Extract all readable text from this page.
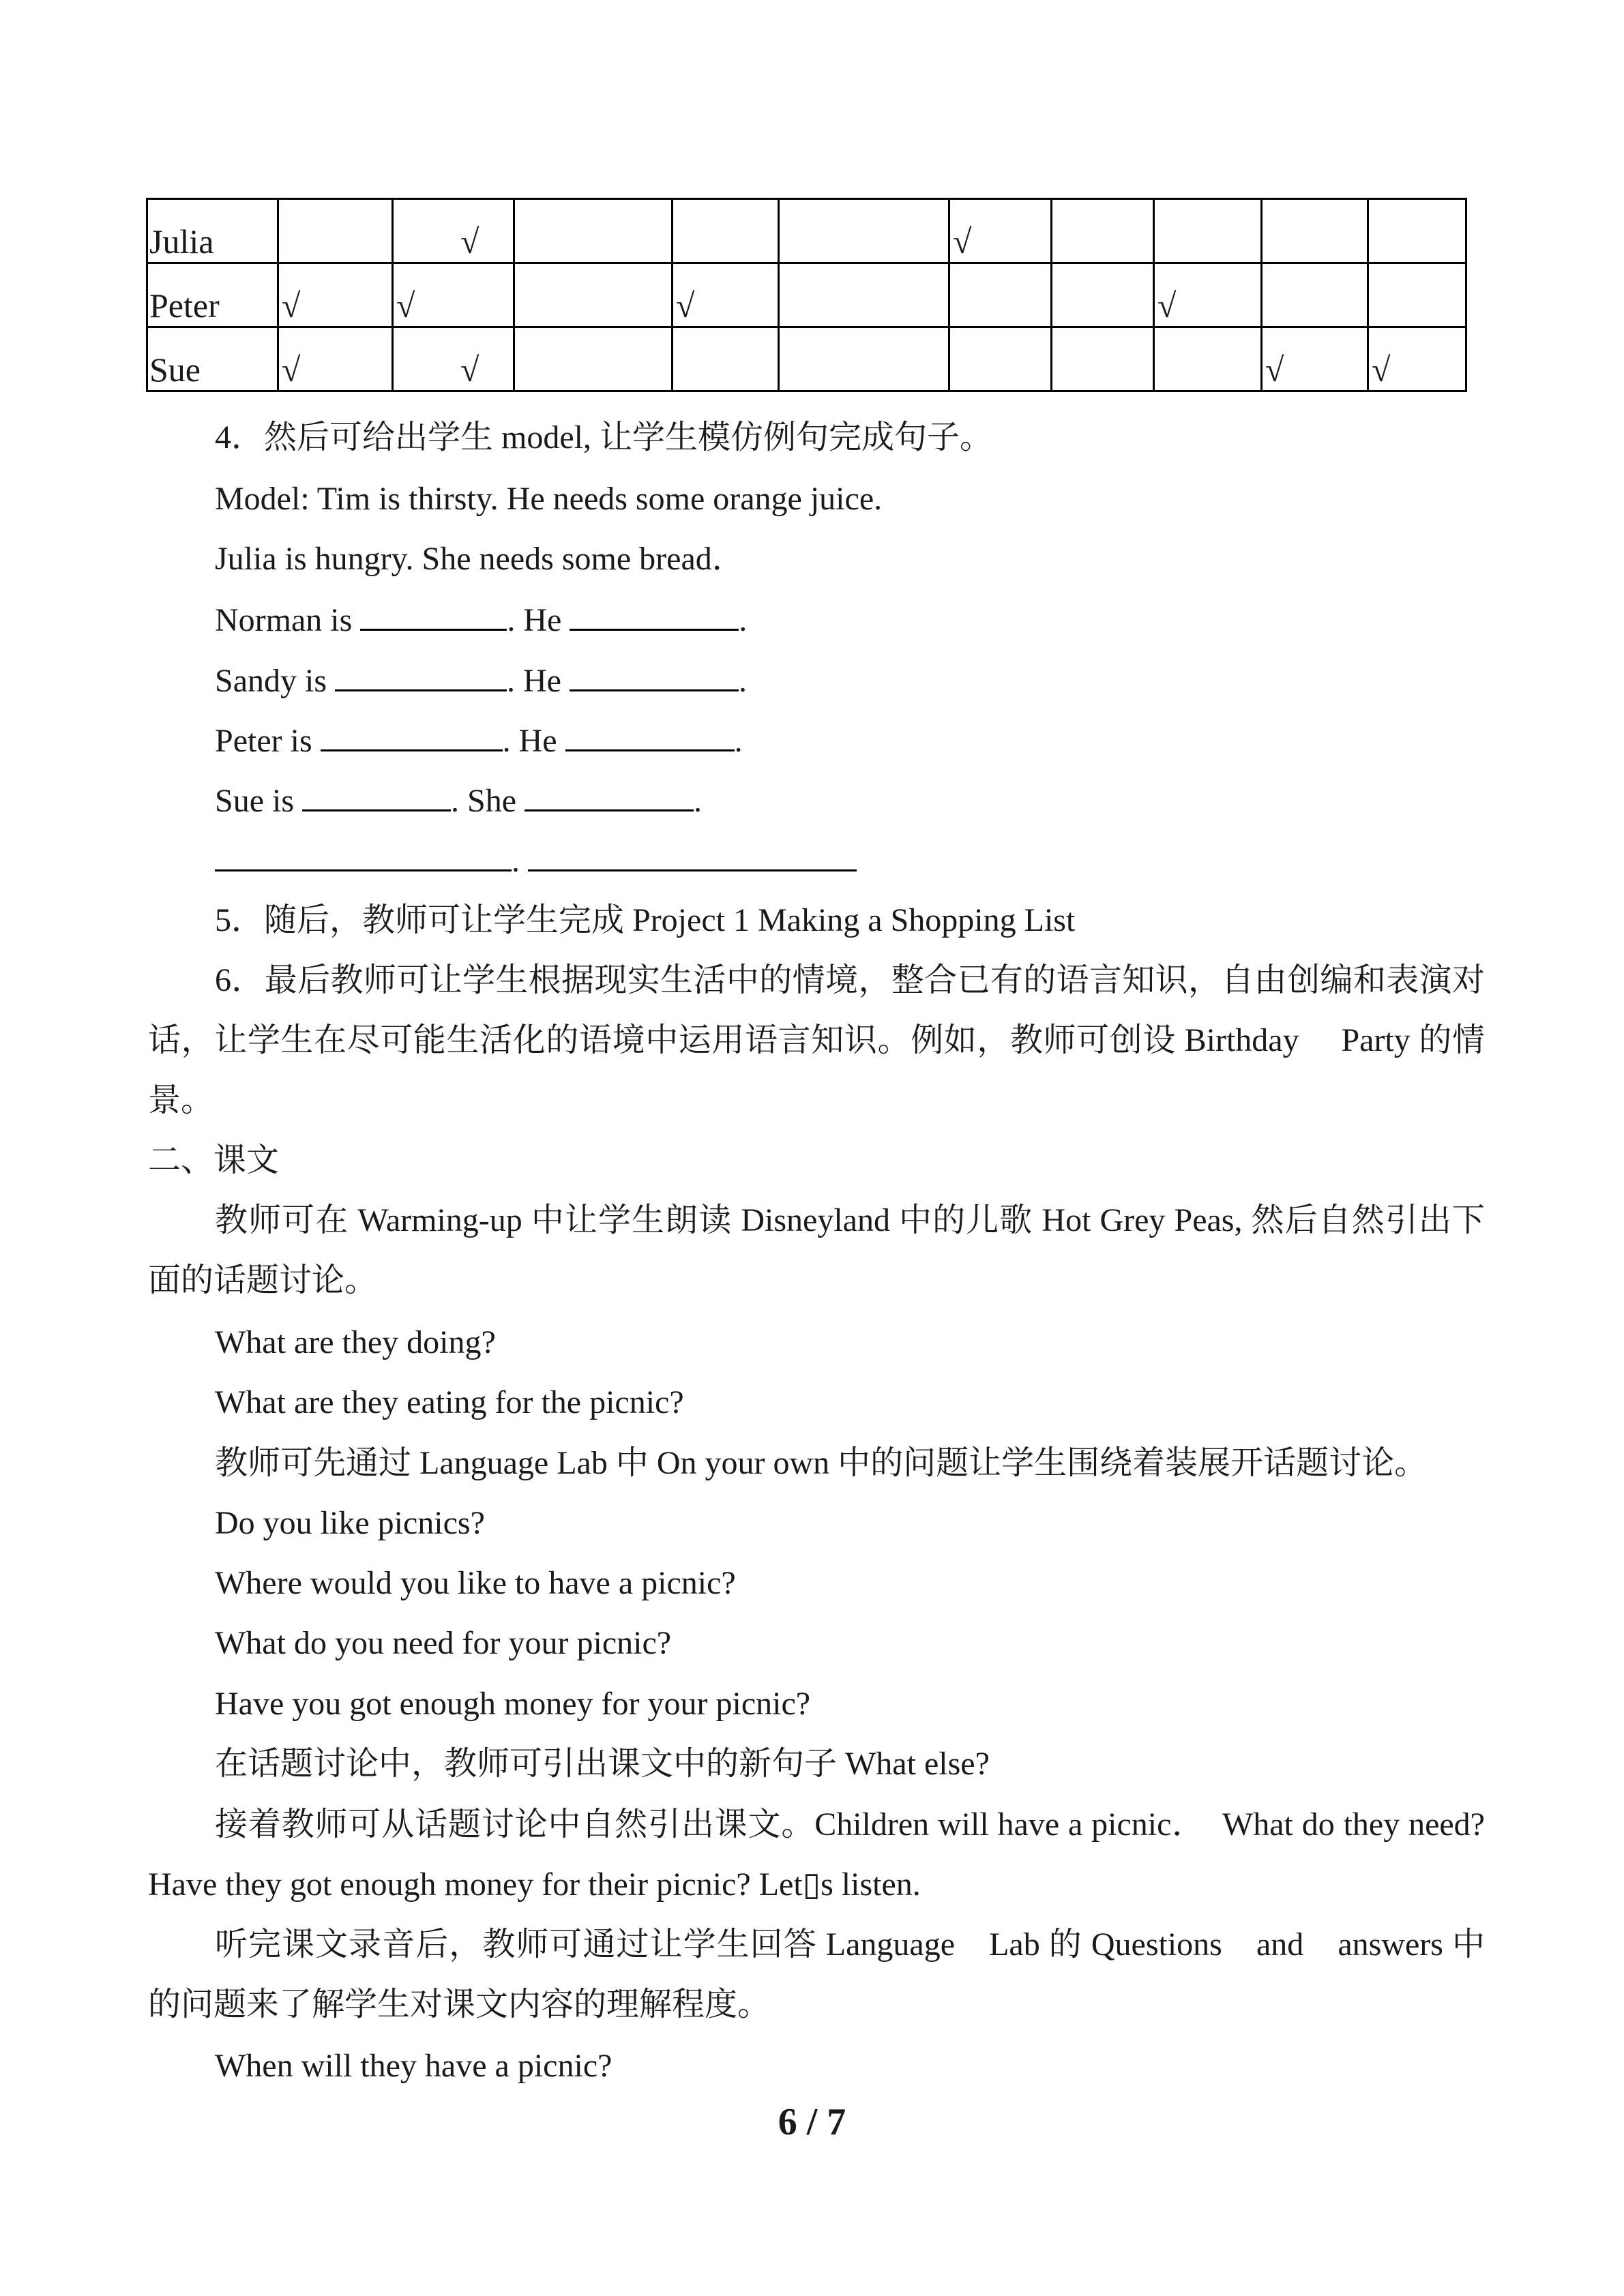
Julia		√				√				
Peter	√	√		√				√		
Sue	√	√							√	√
4．然后可给出学生 model, 让学生模仿例句完成句子。
Model: Tim is thirsty. He needs some orange juice.
Julia is hungry. She needs some bread．
Norman is	. He	.
Sandy is	. He	.
Peter is	. He	.
Sue is	. She	.
.
5．随后，教师可让学生完成 Project 1 Making a Shopping List
6．最后教师可让学生根据现实生活中的情境，整合已有的语言知识，自由创编和表演对话，让学生在尽可能生活化的语境中运用语言知识。例如，教师可创设 Birthday　 Party 的情景。
二、课文
教师可在 Warming-up 中让学生朗读 Disneyland 中的儿歌 Hot Grey Peas, 然后自然引出下面的话题讨论。
What are they doing?
What are they eating for the picnic?
教师可先通过 Language Lab 中 On your own 中的问题让学生围绕着装展开话题讨论。
Do you like picnics?
Where would you like to have a picnic?
What do you need for your picnic?
Have you got enough money for your picnic?
在话题讨论中，教师可引出课文中的新句子 What else?
接着教师可从话题讨论中自然引出课文。Children will have a picnic．　What do they need? Have they got enough money for their picnic? Let▯s listen.
听完课文录音后，教师可通过让学生回答 Language　Lab 的 Questions　and　answers 中的问题来了解学生对课文内容的理解程度。
When will they have a picnic?
6 / 7
